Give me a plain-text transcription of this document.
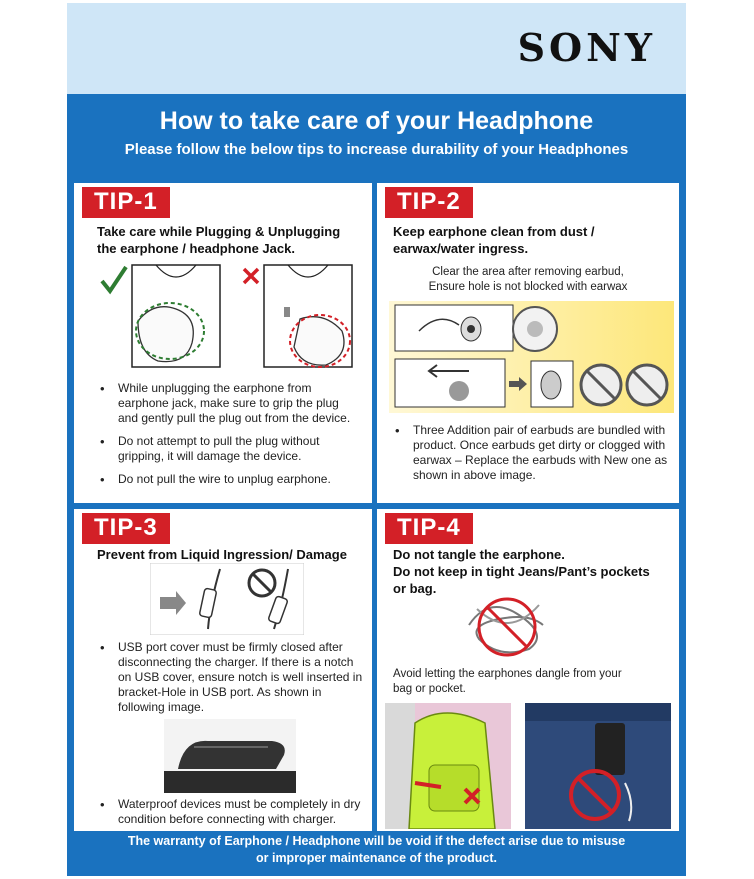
SONY
How to take care of your Headphone
Please follow the below tips to increase durability of your Headphones
TIP-1
Take care while Plugging & Unplugging
the earphone / headphone Jack.
• While unplugging the earphone from earphone jack, make sure to grip the plug and gently pull the plug out from the device.
• Do not attempt to pull the plug without gripping, it will damage the device.
• Do not pull the wire to unplug earphone.
TIP-2
Keep earphone clean from dust /
earwax/water ingress.
Clear the area after removing earbud,
Ensure hole is not blocked with earwax
• Three Addition pair of earbuds are bundled with product. Once earbuds get dirty or clogged with earwax – Replace the earbuds with New one as shown in above image.
TIP-3
Prevent from Liquid Ingression/ Damage
• USB port cover must be firmly closed after disconnecting the charger. If there is a notch on USB cover, ensure notch is well inserted in bracket-Hole in USB port. As shown in following image.
• Waterproof devices must be completely in dry condition before connecting with charger.
TIP-4
Do not tangle the earphone.
Do not keep in tight Jeans/Pant’s pockets
or bag.
Avoid letting the earphones dangle from your
bag or pocket.
The warranty of Earphone / Headphone will be void if the defect arise due to misuse
or improper maintenance of the product.
